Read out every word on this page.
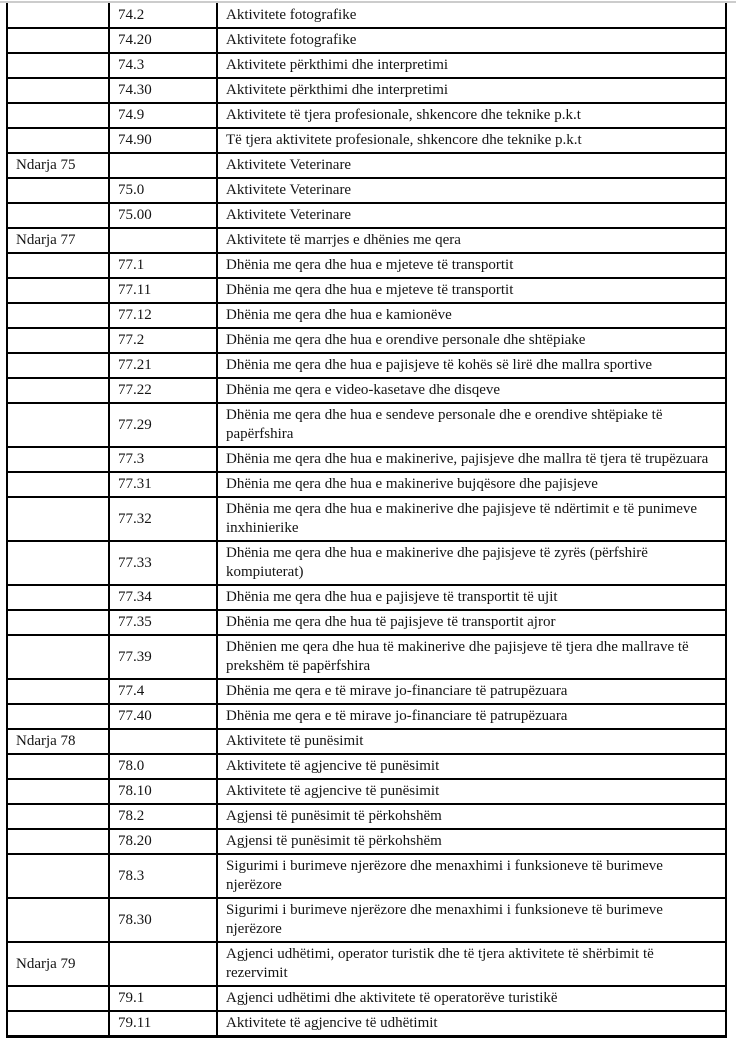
	74.2	Aktivitete fotografike
	74.20	Aktivitete fotografike
	74.3	Aktivitete përkthimi dhe interpretimi
	74.30	Aktivitete përkthimi dhe interpretimi
	74.9	Aktivitete të tjera profesionale, shkencore dhe teknike p.k.t
	74.90	Të tjera aktivitete profesionale, shkencore dhe teknike p.k.t
Ndarja 75		Aktivitete Veterinare
	75.0	Aktivitete Veterinare
	75.00	Aktivitete Veterinare
Ndarja 77		Aktivitete të marrjes e dhënies me qera
	77.1	Dhënia me qera dhe hua e mjeteve të transportit
	77.11	Dhënia me qera dhe hua e mjeteve të transportit
	77.12	Dhënia me qera dhe hua e kamionëve
	77.2	Dhënia me qera dhe hua e orendive personale dhe shtëpiake
	77.21	Dhënia me qera dhe hua e pajisjeve të kohës së lirë dhe mallra sportive
	77.22	Dhënia me qera e video-kasetave dhe disqeve
	77.29	Dhënia me qera dhe hua e sendeve personale dhe e orendive shtëpiake të papërfshira
	77.3	Dhënia me qera dhe hua e makinerive, pajisjeve dhe mallra të tjera të trupëzuara
	77.31	Dhënia me qera dhe hua e makinerive bujqësore dhe pajisjeve
	77.32	Dhënia me qera dhe hua e makinerive dhe pajisjeve të ndërtimit e të punimeve inxhinierike
	77.33	Dhënia me qera dhe hua e makinerive dhe pajisjeve të zyrës (përfshirë kompiuterat)
	77.34	Dhënia me qera dhe hua e pajisjeve të transportit të ujit
	77.35	Dhënia me qera dhe hua të pajisjeve të transportit ajror
	77.39	Dhënien me qera dhe hua të makinerive dhe pajisjeve të tjera dhe mallrave të prekshëm të papërfshira
	77.4	Dhënia me qera e të mirave jo-financiare të patrupëzuara
	77.40	Dhënia me qera e të mirave jo-financiare të patrupëzuara
Ndarja 78		Aktivitete të punësimit
	78.0	Aktivitete të agjencive të punësimit
	78.10	Aktivitete të agjencive të punësimit
	78.2	Agjensi të punësimit të përkohshëm
	78.20	Agjensi të punësimit të përkohshëm
	78.3	Sigurimi i burimeve njerëzore dhe menaxhimi i funksioneve të burimeve njerëzore
	78.30	Sigurimi i burimeve njerëzore dhe menaxhimi i funksioneve të burimeve njerëzore
Ndarja 79		Agjenci udhëtimi, operator turistik dhe të tjera aktivitete të shërbimit të rezervimit
	79.1	Agjenci udhëtimi dhe aktivitete të operatorëve turistikë
	79.11	Aktivitete të agjencive të udhëtimit
